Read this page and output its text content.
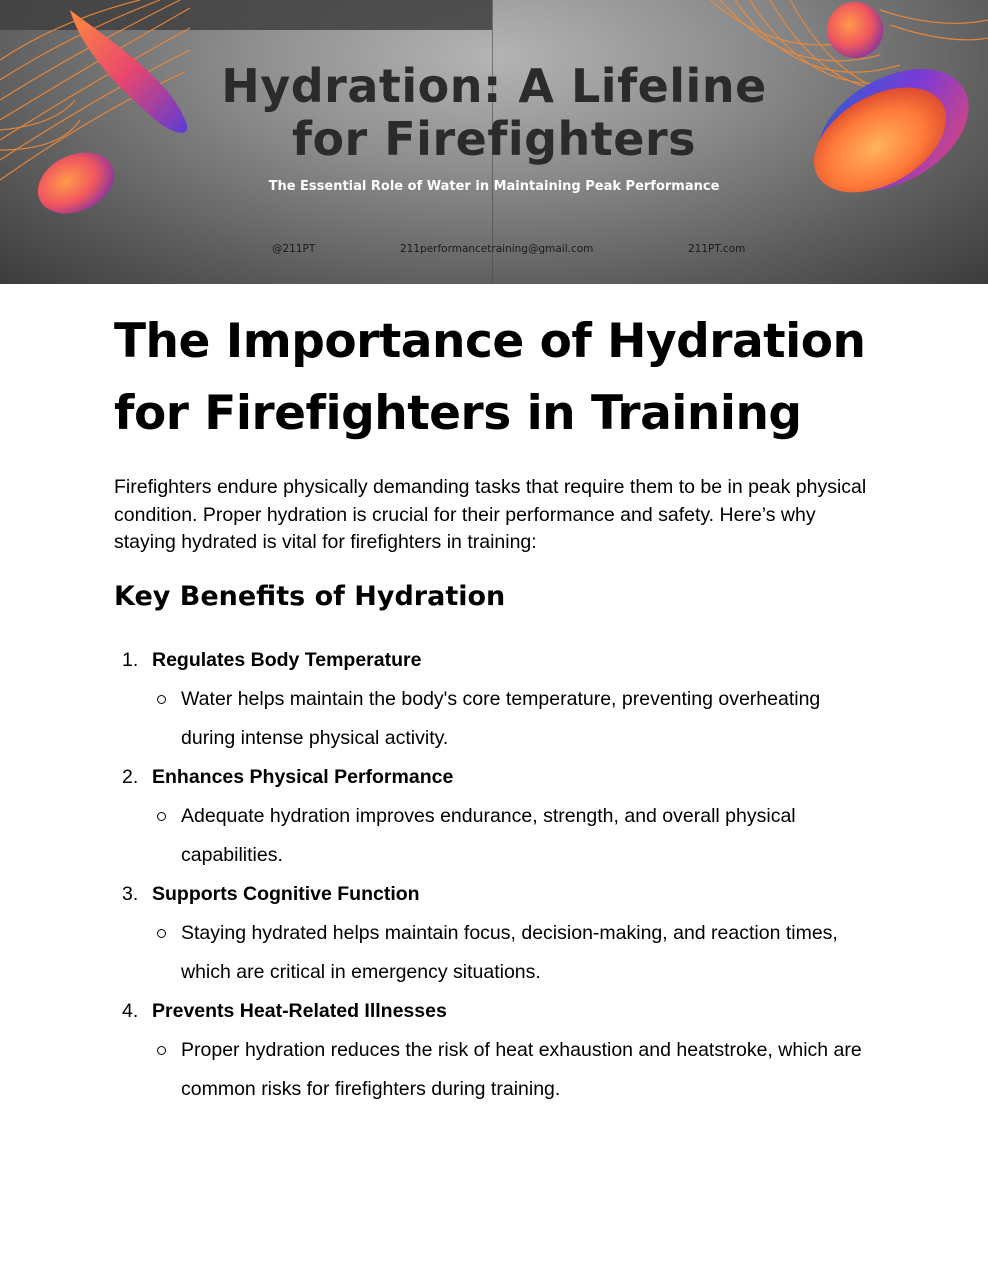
Hydration: A Lifeline
for Firefighters
The Essential Role of Water in Maintaining Peak Performance
@211PT	211performancetraining@gmail.com	211PT.com
The Importance of Hydration for Firefighters in Training

Firefighters endure physically demanding tasks that require them to be in peak physical condition. Proper hydration is crucial for their performance and safety. Here’s why staying hydrated is vital for firefighters in training:

Key Benefits of Hydration
1. Regulates Body Temperature
Water helps maintain the body's core temperature, preventing overheating during intense physical activity.
2. Enhances Physical Performance
Adequate hydration improves endurance, strength, and overall physical capabilities.
3. Supports Cognitive Function
Staying hydrated helps maintain focus, decision-making, and reaction times, which are critical in emergency situations.
4. Prevents Heat-Related Illnesses
Proper hydration reduces the risk of heat exhaustion and heatstroke, which are common risks for firefighters during training.
